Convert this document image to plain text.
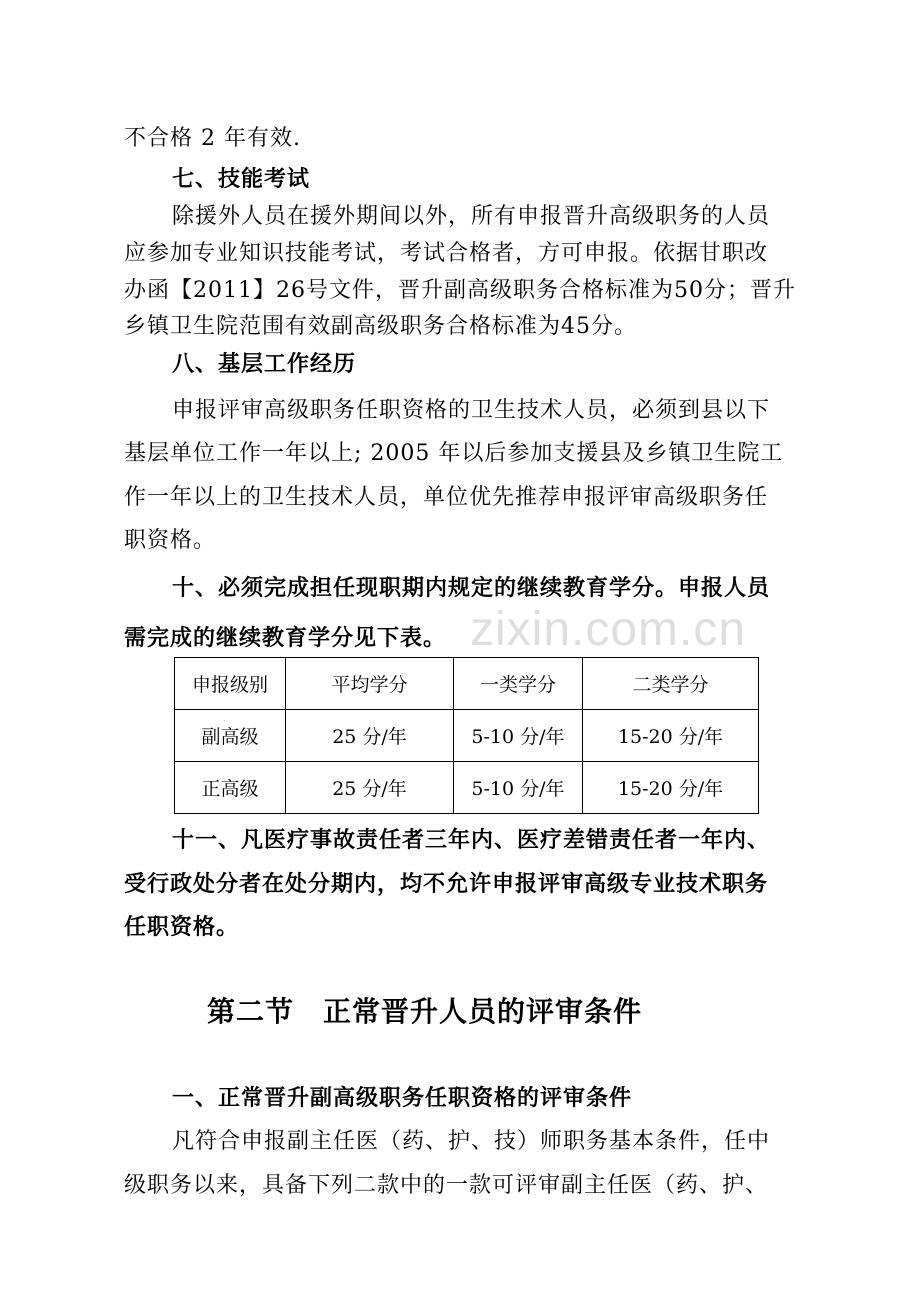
不合格 2 年有效.
七、技能考试
除援外人员在援外期间以外，所有申报晋升高级职务的人员
应参加专业知识技能考试，考试合格者，方可申报。依据甘职改
办函【2011】26号文件，晋升副高级职务合格标准为50分；晋升
乡镇卫生院范围有效副高级职务合格标准为45分。
八、基层工作经历
申报评审高级职务任职资格的卫生技术人员，必须到县以下
基层单位工作一年以上; 2005 年以后参加支援县及乡镇卫生院工
作一年以上的卫生技术人员，单位优先推荐申报评审高级职务任
职资格。
十、必须完成担任现职期内规定的继续教育学分。申报人员
需完成的继续教育学分见下表。 zixin.com.cn
申报级别	平均学分	一类学分	二类学分
副高级	25 分/年	5-10 分/年	15-20 分/年
正高级	25 分/年	5-10 分/年	15-20 分/年
十一、凡医疗事故责任者三年内、医疗差错责任者一年内、
受行政处分者在处分期内，均不允许申报评审高级专业技术职务
任职资格。
第二节　正常晋升人员的评审条件
一、正常晋升副高级职务任职资格的评审条件
凡符合申报副主任医（药、护、技）师职务基本条件，任中
级职务以来，具备下列二款中的一款可评审副主任医（药、护、
